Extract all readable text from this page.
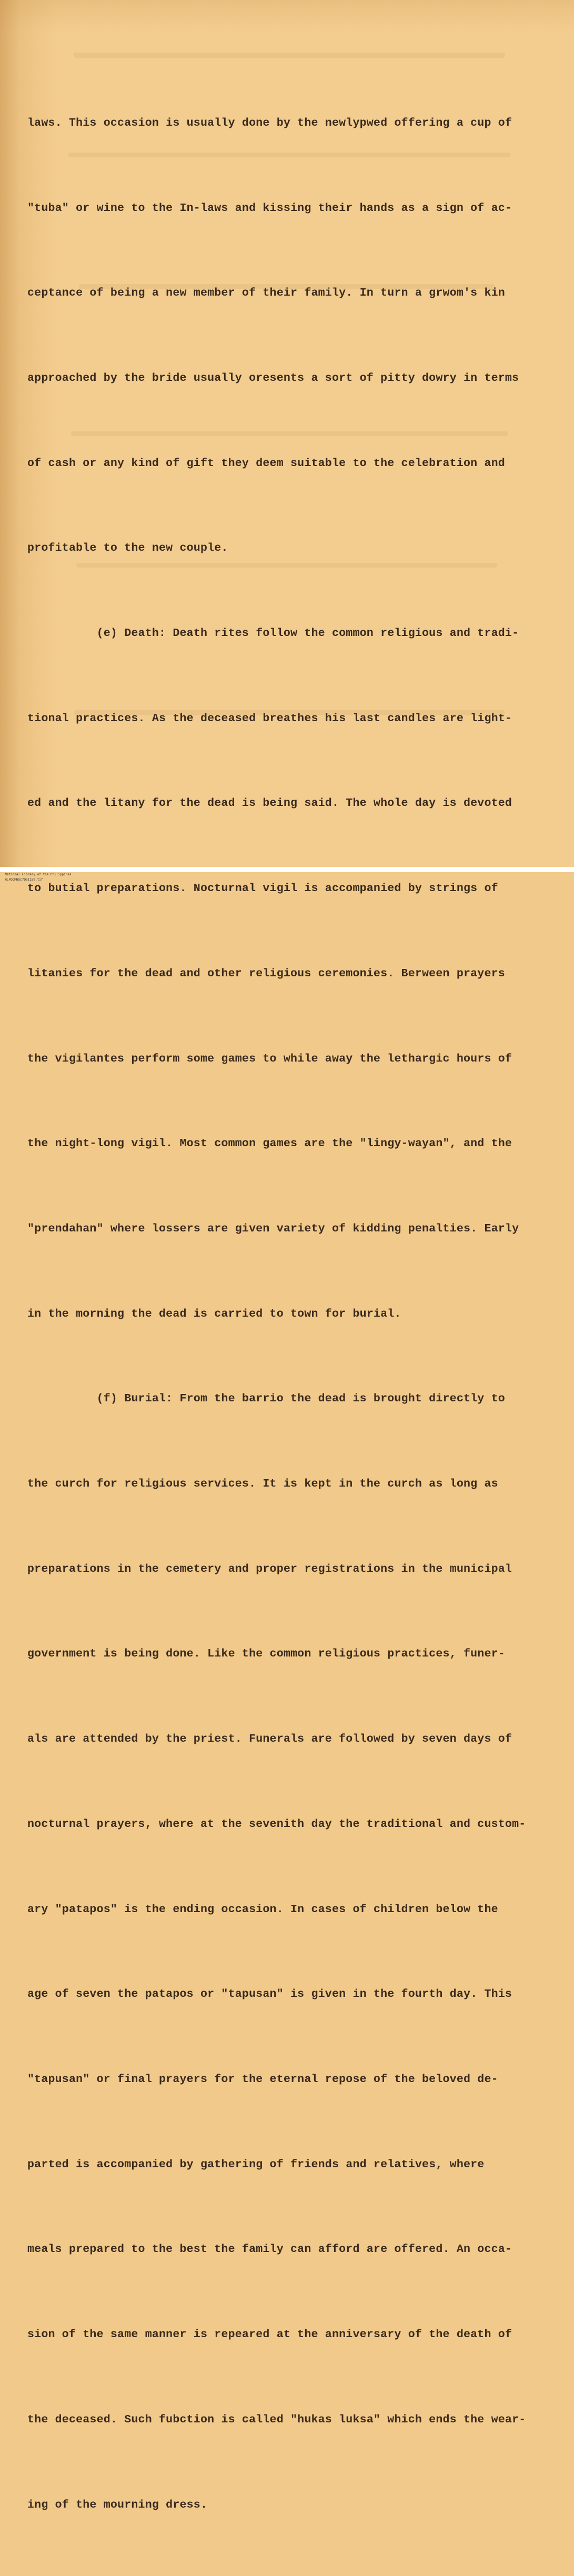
laws. This occasion is usually done by the newlypwed offering a cup of

"tuba" or wine to the In-laws and kissing their hands as a sign of ac-

ceptance of being a new member of their family. In turn a grwom's kin

approached by the bride usually oresents a sort of pitty dowry in terms

of cash or any kind of gift they deem suitable to the celebration and

profitable to the new couple.

(e) Death: Death rites follow the common religious and tradi-

tional practices. As the deceased breathes his last candles are light-

ed and the litany for the dead is being said. The whole day is devoted

to butial preparations. Nocturnal vigil is accompanied by strings of

litanies for the dead and other religious ceremonies. Berween prayers

the vigilantes perform some games to while away the lethargic hours of

the night-long vigil. Most common games are the "lingy-wayan", and the

"prendahan" where lossers are given variety of kidding penalties. Early

in the morning the dead is carried to town for burial.

(f) Burial: From the barrio the dead is brought directly to

the curch for religious services. It is kept in the curch as long as

preparations in the cemetery and proper registrations in the municipal

government is being done. Like the common religious practices, funer-

als are attended by the priest. Funerals are followed by seven days of

nocturnal prayers, where at the sevenith day the traditional and custom-

ary "patapos" is the ending occasion. In cases of children below the

age of seven the patapos or "tapusan" is given in the fourth day. This

"tapusan" or final prayers for the eternal repose of the beloved de-

parted is accompanied by gathering of friends and relatives, where

meals prepared to the best the family can afford are offered. An occa-

sion of the same manner is repeared at the anniversary of the death of

the deceased. Such fubction is called "hukas luksa" which ends the wear-

ing of the mourning dress.

National Library of the Philippines
HLPOOMHSC7Q51159.tif
